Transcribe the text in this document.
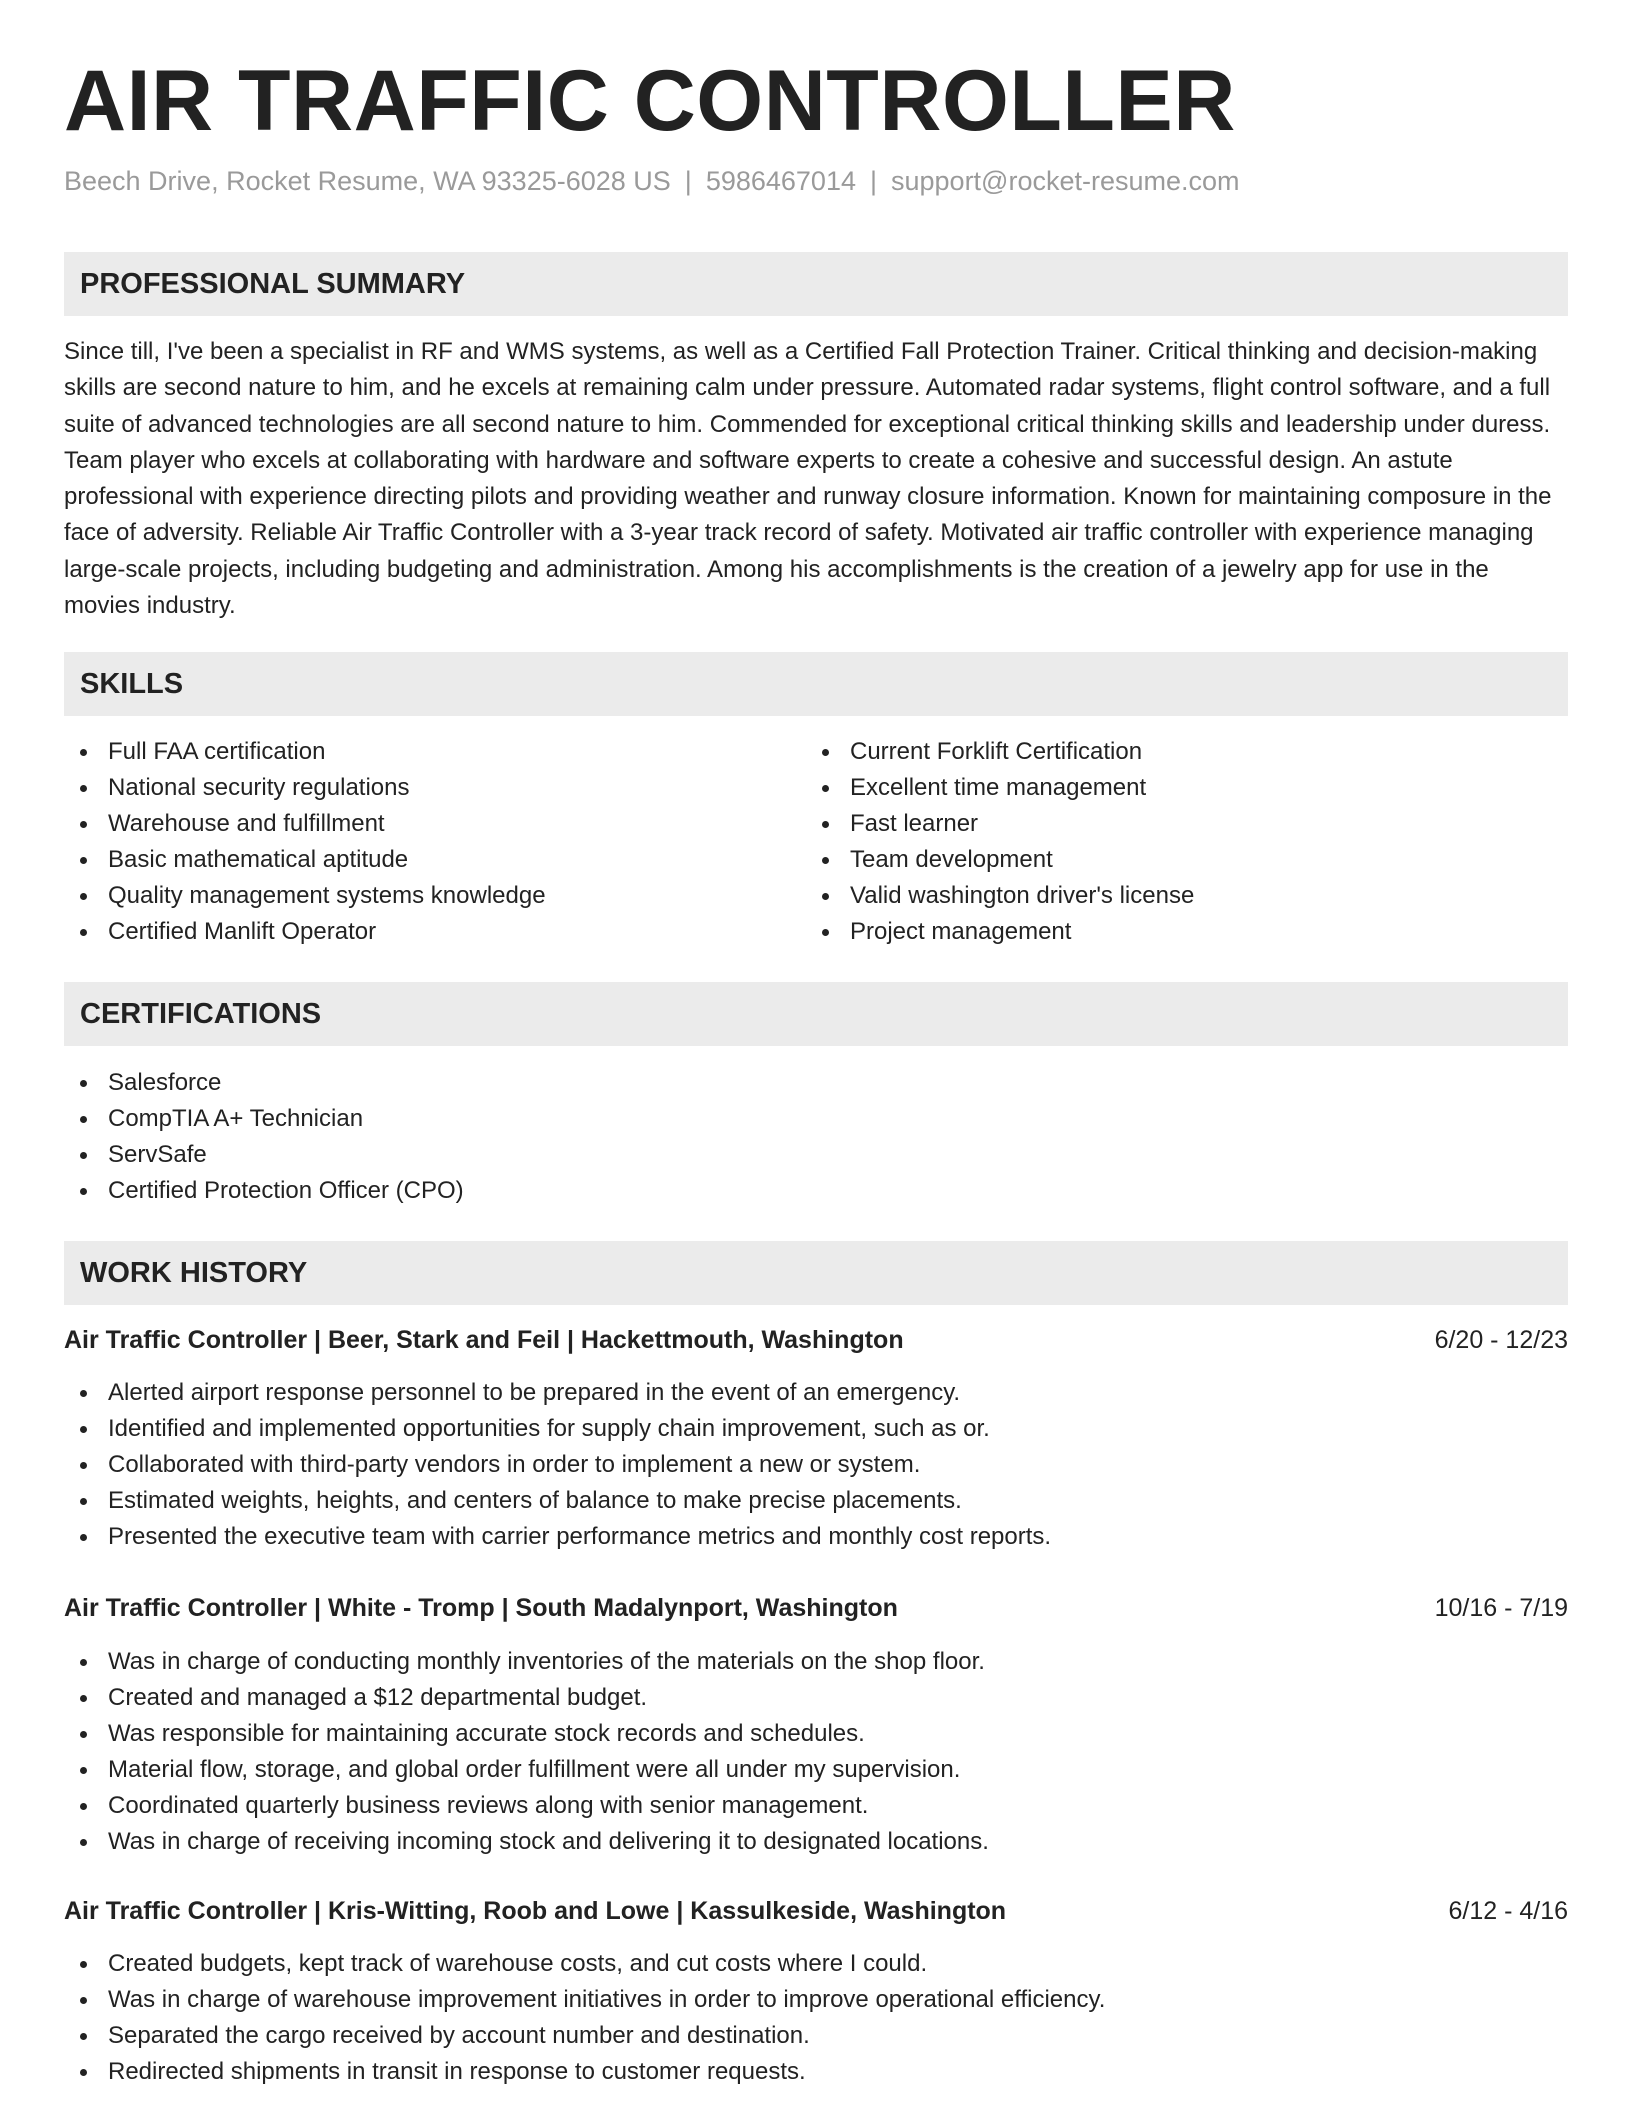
AIR TRAFFIC CONTROLLER
Beech Drive, Rocket Resume, WA 93325-6028 US | 5986467014 | support@rocket-resume.com
PROFESSIONAL SUMMARY

Since till, I've been a specialist in RF and WMS systems, as well as a Certified Fall Protection Trainer. Critical thinking and decision-making skills are second nature to him, and he excels at remaining calm under pressure. Automated radar systems, flight control software, and a full suite of advanced technologies are all second nature to him. Commended for exceptional critical thinking skills and leadership under duress. Team player who excels at collaborating with hardware and software experts to create a cohesive and successful design. An astute professional with experience directing pilots and providing weather and runway closure information. Known for maintaining composure in the face of adversity. Reliable Air Traffic Controller with a 3-year track record of safety. Motivated air traffic controller with experience managing large-scale projects, including budgeting and administration. Among his accomplishments is the creation of a jewelry app for use in the movies industry.

SKILLS
Full FAA certification
National security regulations
Warehouse and fulfillment
Basic mathematical aptitude
Quality management systems knowledge
Certified Manlift Operator
Current Forklift Certification
Excellent time management
Fast learner
Team development
Valid washington driver's license
Project management
CERTIFICATIONS
Salesforce
CompTIA A+ Technician
ServSafe
Certified Protection Officer (CPO)
WORK HISTORY
Air Traffic Controller | Beer, Stark and Feil | Hackettmouth, Washington	6/20 - 12/23
Alerted airport response personnel to be prepared in the event of an emergency.
Identified and implemented opportunities for supply chain improvement, such as or.
Collaborated with third-party vendors in order to implement a new or system.
Estimated weights, heights, and centers of balance to make precise placements.
Presented the executive team with carrier performance metrics and monthly cost reports.
Air Traffic Controller | White - Tromp | South Madalynport, Washington	10/16 - 7/19
Was in charge of conducting monthly inventories of the materials on the shop floor.
Created and managed a $12 departmental budget.
Was responsible for maintaining accurate stock records and schedules.
Material flow, storage, and global order fulfillment were all under my supervision.
Coordinated quarterly business reviews along with senior management.
Was in charge of receiving incoming stock and delivering it to designated locations.
Air Traffic Controller | Kris-Witting, Roob and Lowe | Kassulkeside, Washington	6/12 - 4/16
Created budgets, kept track of warehouse costs, and cut costs where I could.
Was in charge of warehouse improvement initiatives in order to improve operational efficiency.
Separated the cargo received by account number and destination.
Redirected shipments in transit in response to customer requests.
